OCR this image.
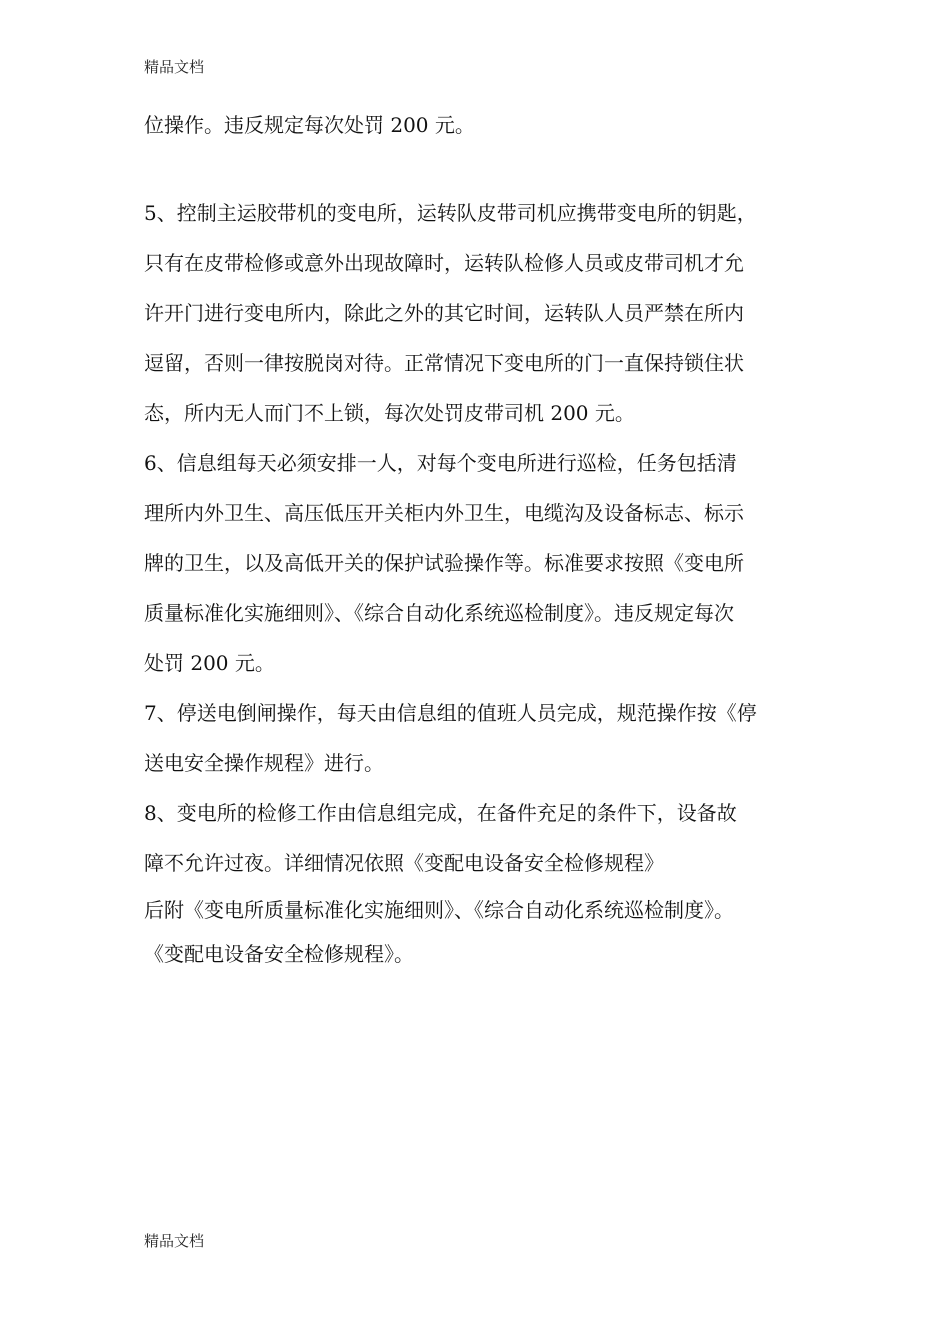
精品文档

位操作。违反规定每次处罚 200 元。

5、控制主运胶带机的变电所，运转队皮带司机应携带变电所的钥匙，
只有在皮带检修或意外出现故障时，运转队检修人员或皮带司机才允
许开门进行变电所内，除此之外的其它时间，运转队人员严禁在所内
逗留，否则一律按脱岗对待。正常情况下变电所的门一直保持锁住状
态，所内无人而门不上锁，每次处罚皮带司机 200 元。

6、信息组每天必须安排一人，对每个变电所进行巡检，任务包括清
理所内外卫生、高压低压开关柜内外卫生，电缆沟及设备标志、标示
牌的卫生，以及高低开关的保护试验操作等。标准要求按照《变电所
质量标准化实施细则》、《综合自动化系统巡检制度》。违反规定每次
处罚 200 元。

7、停送电倒闸操作，每天由信息组的值班人员完成，规范操作按《停
送电安全操作规程》进行。

8、变电所的检修工作由信息组完成，在备件充足的条件下，设备故
障不允许过夜。详细情况依照《变配电设备安全检修规程》

后附《变电所质量标准化实施细则》、《综合自动化系统巡检制度》。
《变配电设备安全检修规程》。

精品文档
